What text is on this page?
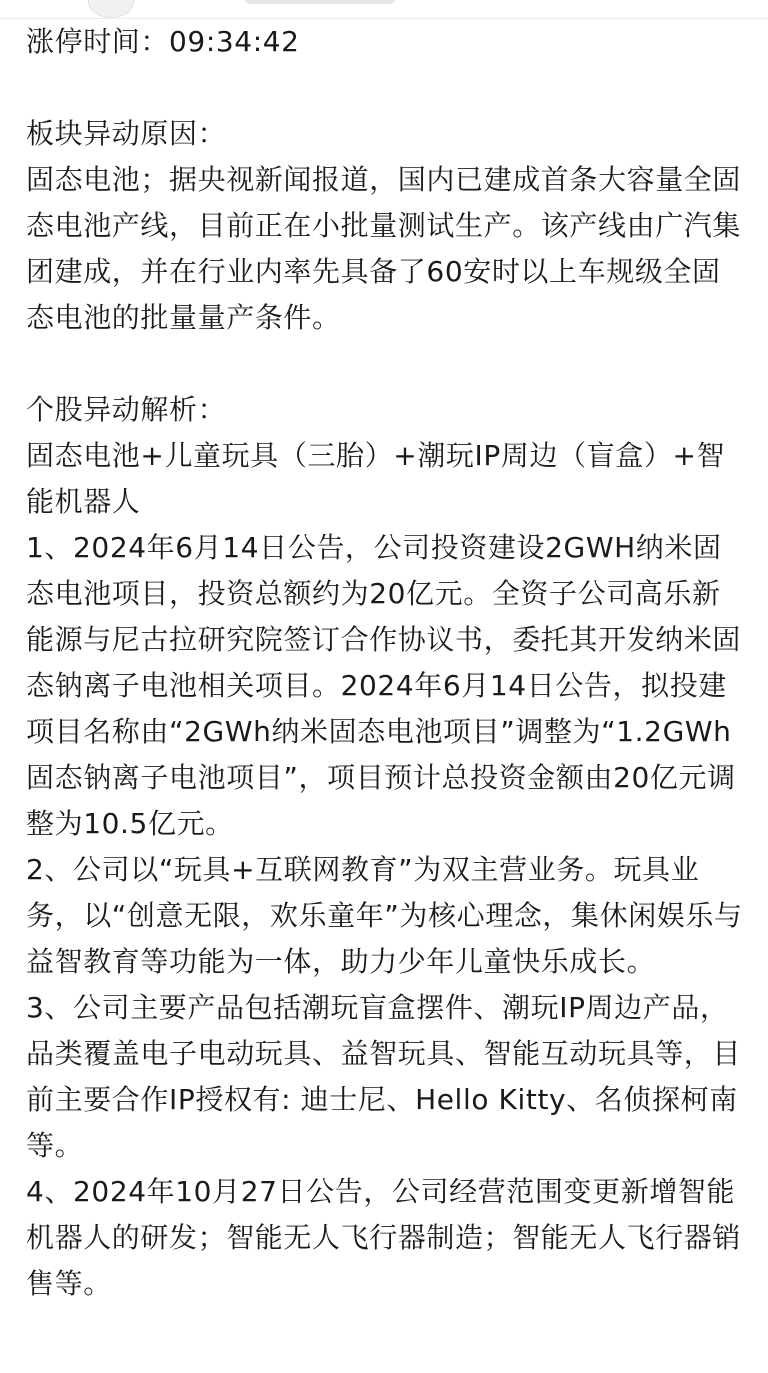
涨停时间：09:34:42

板块异动原因：

固态电池；据央视新闻报道，国内已建成首条大容量全固态电池产线，目前正在小批量测试生产。该产线由广汽集团建成，并在行业内率先具备了60安时以上车规级全固态电池的批量量产条件。

个股异动解析：

固态电池+儿童玩具（三胎）+潮玩IP周边（盲盒）+智能机器人

1、2024年6月14日公告，公司投资建设2GWH纳米固态电池项目，投资总额约为20亿元。全资子公司高乐新能源与尼古拉研究院签订合作协议书，委托其开发纳米固态钠离子电池相关项目。2024年6月14日公告，拟投建项目名称由“2GWh纳米固态电池项目”调整为“1.2GWh固态钠离子电池项目”，项目预计总投资金额由20亿元调整为10.5亿元。

2、公司以“玩具+互联网教育”为双主营业务。玩具业务，以“创意无限，欢乐童年”为核心理念，集休闲娱乐与益智教育等功能为一体，助力少年儿童快乐成长。

3、公司主要产品包括潮玩盲盒摆件、潮玩IP周边产品，品类覆盖电子电动玩具、益智玩具、智能互动玩具等，目前主要合作IP授权有: 迪士尼、Hello Kitty、名侦探柯南等。

4、2024年10月27日公告，公司经营范围变更新增智能机器人的研发；智能无人飞行器制造；智能无人飞行器销售等。
